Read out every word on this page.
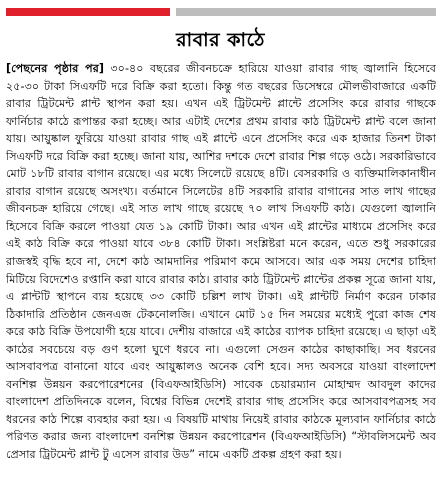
রাবার কাঠে
[পেছনের পৃষ্ঠার পর] ৩০-৪০ বছরের জীবনচক্রে হারিয়ে যাওয়া রাবার গাছ জ্বালানি হিসেবে ২৫-৩০ টাকা সিএফটি দরে বিক্রি করা হতো। কিন্তু গত বছরের ডিসেম্বরে মৌলভীবাজারে একটি রাবার ট্রিটমেন্ট প্লান্ট স্থাপন করা হয়। এখন এই ট্রিটমেন্ট প্লান্টে প্রসেসিং করে রাবার গাছকে ফার্নিচার কাঠে রূপান্তর করা হচ্ছে। আর এটাই দেশের প্রথম রাবার কাঠ ট্রিটমেন্ট প্লান্ট বলে জানা যায়। আয়ুষ্কাল ফুরিয়ে যাওয়া রাবার গাছ এই প্লান্টে এনে প্রসেসিং করে এক হাজার তিনশ টাকা সিএফটি দরে বিক্রি করা হচ্ছে। জানা যায়, আশির দশকে দেশে রাবার শিল্প গড়ে ওঠে। সরকারিভাবে মোট ১৮টি রাবার বাগান রয়েছে। এর মধ্যে সিলেটে রয়েছে ৪টি। বেসরকারি ও ব্যক্তিমালিকানাধীন রাবার বাগান রয়েছে অসংখ্য। বর্তমানে সিলেটের ৪টি সরকারি রাবার বাগানের সাত লাখ গাছের জীবনচক্র হারিয়ে গেছে। এই সাত লাখ গাছে রয়েছে ৭০ লাখ সিএফটি কাঠ। যেগুলো জ্বালানি হিসেবে বিক্রি করলে পাওয়া যেত ১৯ কোটি টাকা। আর এখন এই প্লান্টের মাধ্যমে প্রসেসিং করে এই কাঠ বিক্রি করে পাওয়া যাবে ৩৮৪ কোটি টাকা। সংশ্লিষ্টরা মনে করেন, এতে শুধু সরকারের রাজস্বই বৃদ্ধি হবে না, দেশে কাঠ আমদানির পরিমাণ কমে আসবে। আর এক সময় দেশের চাহিদা মিটিয়ে বিদেশেও রপ্তানি করা যাবে রাবার কাঠ। রাবার কাঠ ট্রিটমেন্ট প্লান্টের প্রকল্প সূত্রে জানা যায়, এ প্লান্টটি স্থাপনে ব্যয় হয়েছে ৩৩ কোটি চল্লিশ লাখ টাকা। এই প্লান্টটি নির্মাণ করেন ঢাকার ঠিকাদারি প্রতিষ্ঠান জেনএজ টেকনোলজি। এখানে মোট ১৫ দিন সময়ের মধ্যেই পুরো কাজ শেষ করে কাঠ বিক্রি উপযোগী হয়ে যাবে। দেশীয় বাজারে এই কাঠের ব্যাপক চাহিদা রয়েছে। এ ছাড়া এই কাঠের সবচেয়ে বড় গুণ হলো ঘুণে ধরবে না। এগুলো সেগুন কাঠের কাছাকাছি। সব ধরনের আসবাবপত্র বানানো যাবে এবং আয়ুষ্কালও অনেক বেশি হবে। সদ্য অবসরে যাওয়া বাংলাদেশ বনশিল্প উন্নয়ন করপোরেশনের (বিএফআইডিসি) সাবেক চেয়ারম্যান মোহাম্মদ আবদুল কাদের বাংলাদেশ প্রতিদিনকে বলেন, বিশ্বের বিভিন্ন দেশেই রাবার গাছ প্রসেসিং করে আসবাবপত্রসহ সব ধরনের কাঠ শিল্পে ব্যবহার করা হয়। এ বিষয়টি মাথায় নিয়েই রাবার কাঠকে মূল্যবান ফার্নিচার কাঠে পরিণত করার জন্য বাংলাদেশ বনশিল্প উন্নয়ন করপোরেশন (বিএফআইডিসি) “স্টাবলিসমেন্ট অব প্রেসার ট্রিটমেন্ট প্লান্ট টু এসেস রাবার উড” নামে একটি প্রকল্প গ্রহণ করা হয়।
